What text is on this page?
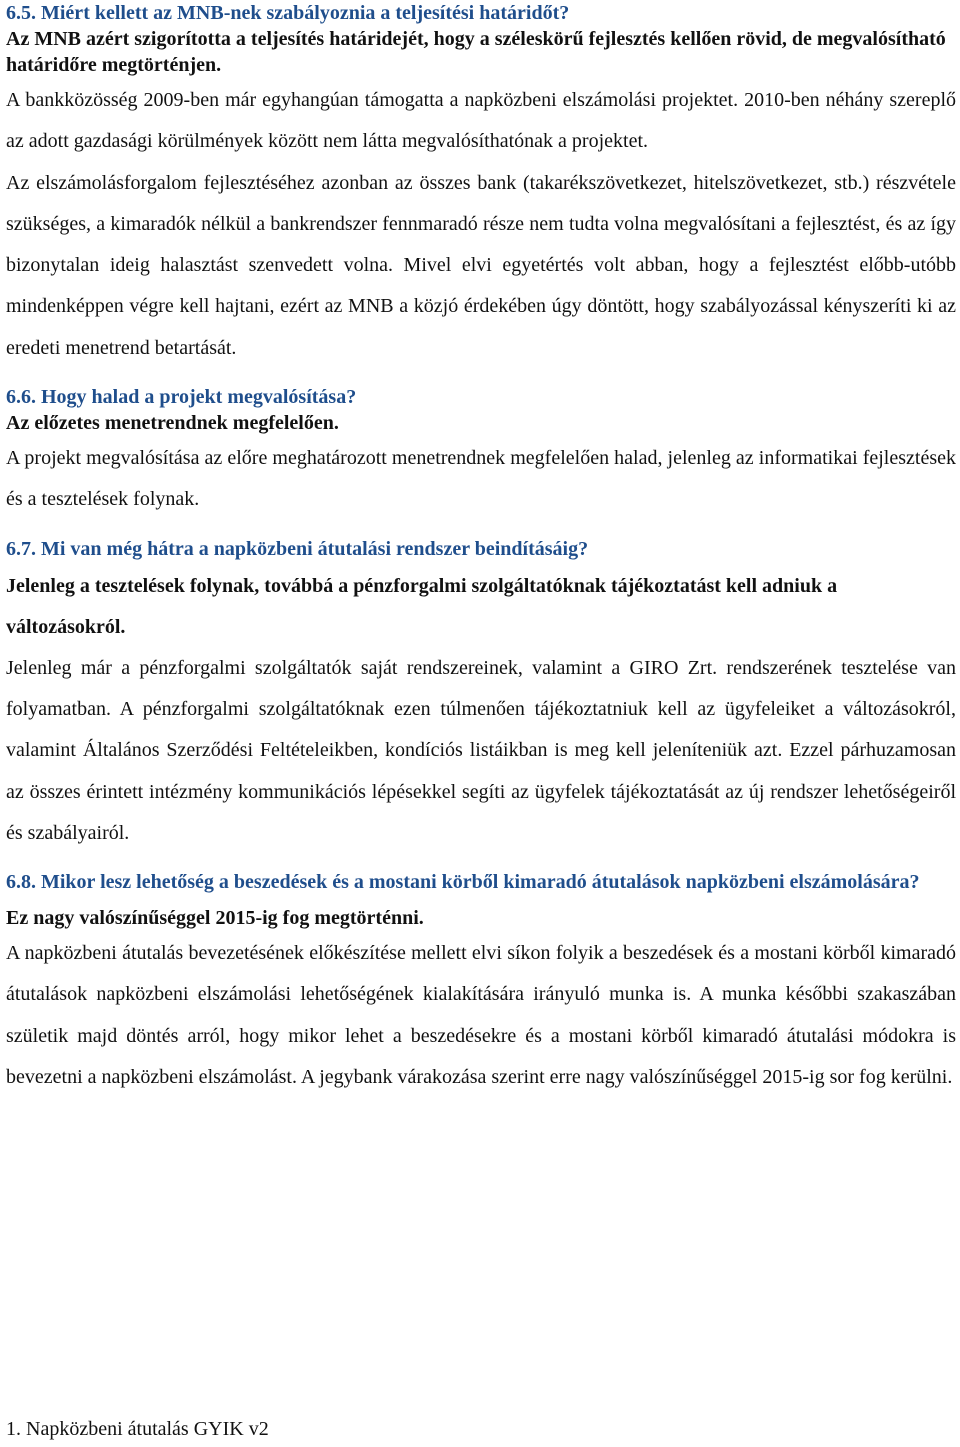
6.5. Miért kellett az MNB-nek szabályoznia a teljesítési határidőt?

Az MNB azért szigorította a teljesítés határidejét, hogy a széleskörű fejlesztés kellően rövid, de megvalósítható határidőre megtörténjen.

A bankközösség 2009-ben már egyhangúan támogatta a napközbeni elszámolási projektet. 2010-ben néhány szereplő az adott gazdasági körülmények között nem látta megvalósíthatónak a projektet.

Az elszámolásforgalom fejlesztéséhez azonban az összes bank (takarékszövetkezet, hitelszövetkezet, stb.) részvétele szükséges, a kimaradók nélkül a bankrendszer fennmaradó része nem tudta volna megvalósítani a fejlesztést, és az így bizonytalan ideig halasztást szenvedett volna. Mivel elvi egyetértés volt abban, hogy a fejlesztést előbb-utóbb mindenképpen végre kell hajtani, ezért az MNB a közjó érdekében úgy döntött, hogy szabályozással kényszeríti ki az eredeti menetrend betartását.

6.6. Hogy halad a projekt megvalósítása?

Az előzetes menetrendnek megfelelően.

A projekt megvalósítása az előre meghatározott menetrendnek megfelelően halad, jelenleg az informatikai fejlesztések és a tesztelések folynak.

6.7. Mi van még hátra a napközbeni átutalási rendszer beindításáig?

Jelenleg a tesztelések folynak, továbbá a pénzforgalmi szolgáltatóknak tájékoztatást kell adniuk a változásokról.

Jelenleg már a pénzforgalmi szolgáltatók saját rendszereinek, valamint a GIRO Zrt. rendszerének tesztelése van folyamatban. A pénzforgalmi szolgáltatóknak ezen túlmenően tájékoztatniuk kell az ügyfeleiket a változásokról, valamint Általános Szerződési Feltételeikben, kondíciós listáikban is meg kell jeleníteniük azt. Ezzel párhuzamosan az összes érintett intézmény kommunikációs lépésekkel segíti az ügyfelek tájékoztatását az új rendszer lehetőségeiről és szabályairól.

6.8. Mikor lesz lehetőség a beszedések és a mostani körből kimaradó átutalások napközbeni elszámolására?

Ez nagy valószínűséggel 2015-ig fog megtörténni.

A napközbeni átutalás bevezetésének előkészítése mellett elvi síkon folyik a beszedések és a mostani körből kimaradó átutalások napközbeni elszámolási lehetőségének kialakítására irányuló munka is. A munka későbbi szakaszában születik majd döntés arról, hogy mikor lehet a beszedésekre és a mostani körből kimaradó átutalási módokra is bevezetni a napközbeni elszámolást. A jegybank várakozása szerint erre nagy valószínűséggel 2015-ig sor fog kerülni.

1. Napközbeni átutalás GYIK v2
